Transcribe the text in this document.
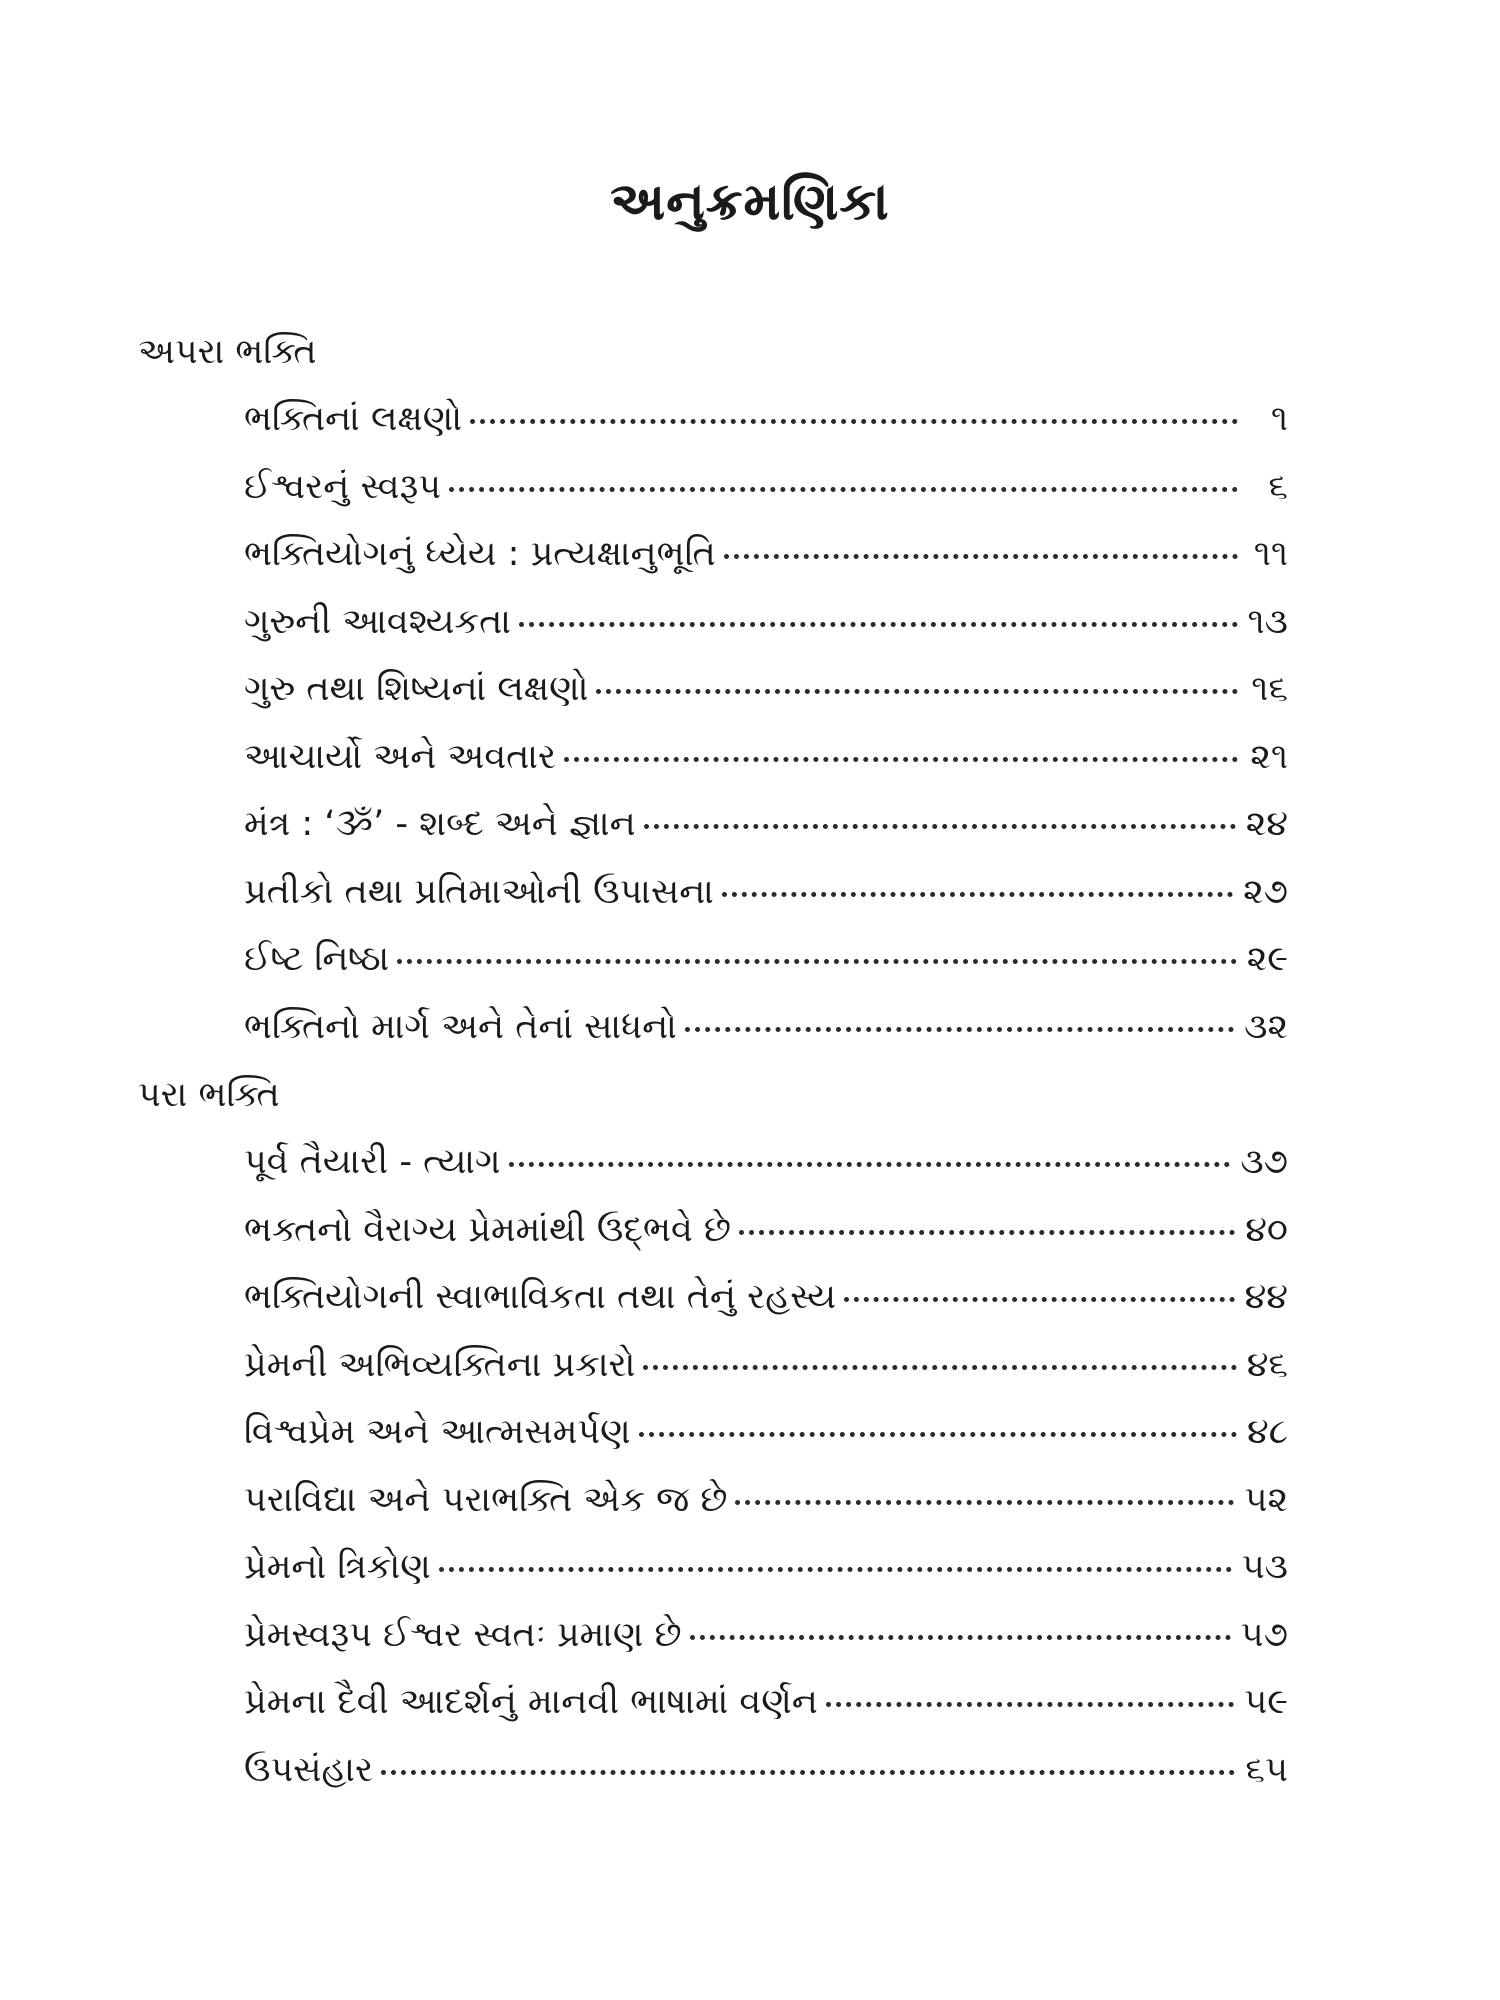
અનુક્રમણિકા
અપરા ભક્તિ
ભક્તિનાં લક્ષણો	૧
ઈશ્વરનું સ્વરૂપ	૬
ભક્તિયોગનું ધ્યેય : પ્રત્યક્ષાનુભૂતિ	૧૧
ગુરુની આવશ્યકતા	૧૩
ગુરુ તથા શિષ્યનાં લક્ષણો	૧૬
આચાર્યો અને અવતાર	૨૧
મંત્ર : ‘ૐ’ - શબ્દ અને જ્ઞાન	૨૪
પ્રતીકો તથા પ્રતિમાઓની ઉપાસના	૨૭
ઈષ્ટ નિષ્ઠા	૨૯
ભક્તિનો માર્ગ અને તેનાં સાધનો	૩૨
પરા ભક્તિ
પૂર્વ તૈયારી - ત્યાગ	૩૭
ભક્તનો વૈરાગ્ય પ્રેમમાંથી ઉદ્ભવે છે	૪૦
ભક્તિયોગની સ્વાભાવિકતા તથા તેનું રહસ્ય	૪૪
પ્રેમની અભિવ્યક્તિના પ્રકારો	૪૬
વિશ્વપ્રેમ અને આત્મસમર્પણ	૪૮
પરાવિદ્યા અને પરાભક્તિ એક જ છે	૫૨
પ્રેમનો ત્રિકોણ	૫૩
પ્રેમસ્વરૂપ ઈશ્વર સ્વતઃ પ્રમાણ છે	૫૭
પ્રેમના દૈવી આદર્શનું માનવી ભાષામાં વર્ણન	૫૯
ઉપસંહાર	૬૫
